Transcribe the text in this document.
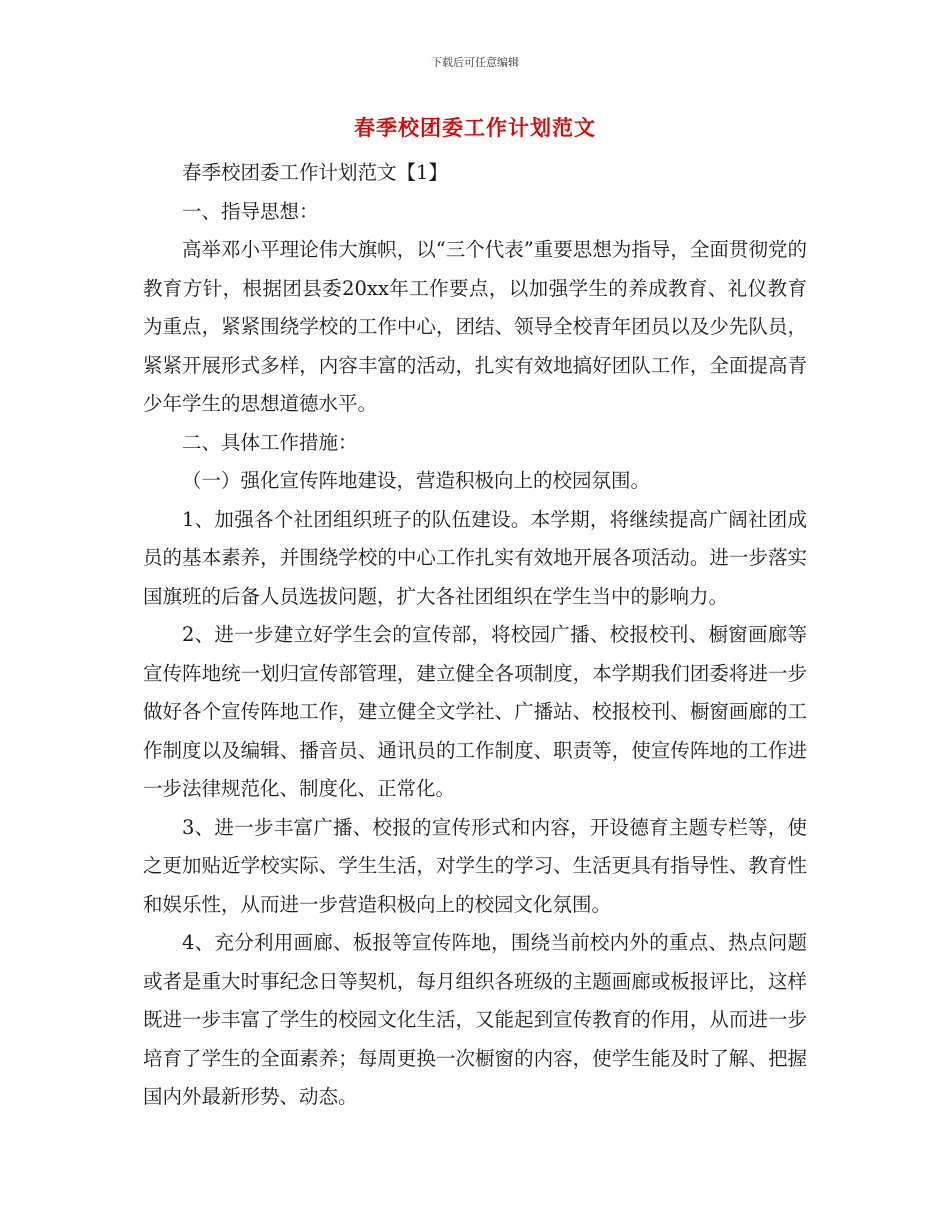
下载后可任意编辑
春季校团委工作计划范文

春季校团委工作计划范文【1】

一、指导思想：

高举邓小平理论伟大旗帜，以“三个代表”重要思想为指导，全面贯彻党的教育方针，根据团县委20xx年工作要点，以加强学生的养成教育、礼仪教育为重点，紧紧围绕学校的工作中心，团结、领导全校青年团员以及少先队员，紧紧开展形式多样，内容丰富的活动，扎实有效地搞好团队工作，全面提高青少年学生的思想道德水平。

二、具体工作措施：

（一）强化宣传阵地建设，营造积极向上的校园氛围。

1、加强各个社团组织班子的队伍建设。本学期，将继续提高广阔社团成员的基本素养，并围绕学校的中心工作扎实有效地开展各项活动。进一步落实国旗班的后备人员选拔问题，扩大各社团组织在学生当中的影响力。

2、进一步建立好学生会的宣传部，将校园广播、校报校刊、橱窗画廊等宣传阵地统一划归宣传部管理，建立健全各项制度，本学期我们团委将进一步做好各个宣传阵地工作，建立健全文学社、广播站、校报校刊、橱窗画廊的工作制度以及编辑、播音员、通讯员的工作制度、职责等，使宣传阵地的工作进一步法律规范化、制度化、正常化。

3、进一步丰富广播、校报的宣传形式和内容，开设德育主题专栏等，使之更加贴近学校实际、学生生活，对学生的学习、生活更具有指导性、教育性和娱乐性，从而进一步营造积极向上的校园文化氛围。

4、充分利用画廊、板报等宣传阵地，围绕当前校内外的重点、热点问题或者是重大时事纪念日等契机，每月组织各班级的主题画廊或板报评比，这样既进一步丰富了学生的校园文化生活，又能起到宣传教育的作用，从而进一步培育了学生的全面素养；每周更换一次橱窗的内容，使学生能及时了解、把握国内外最新形势、动态。
